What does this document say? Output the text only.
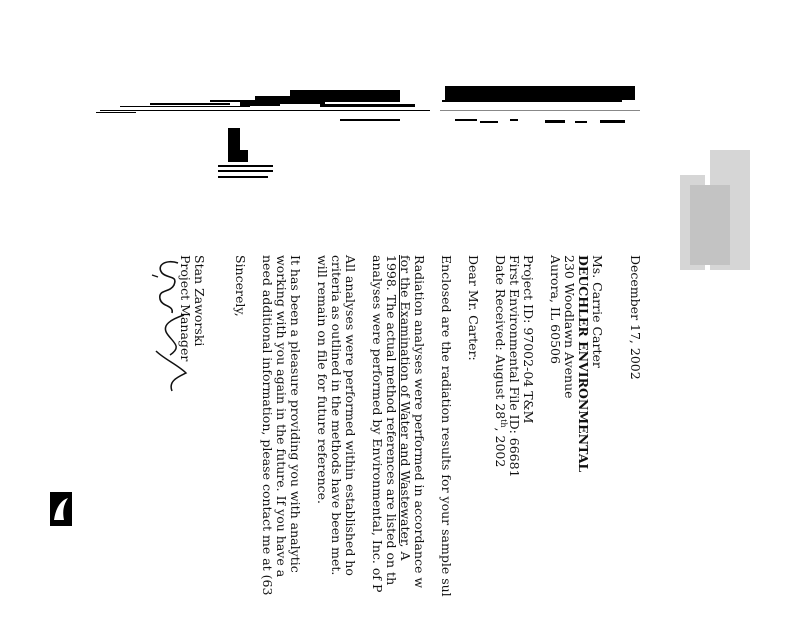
December 17, 2002
Ms. Carrie Carter
DEUCHLER ENVIRONMENTAL
230 Woodlawn Avenue
Aurora, IL 60506
Project ID: 97002-04 T&M
First Environmental File ID: 66681
Date Received: August 28th, 2002
Dear Mr. Carter:
Enclosed are the radiation results for your sample sul
Radiation analyses were performed in accordance w
for the Examination of Water and Wastewater, A
1998. The actual method references are listed on th
analyses were performed by Environmental, Inc. of P
All analyses were performed within established ho
criteria as outlined in the methods have been met.
will remain on file for future reference.
It has been a pleasure providing you with analytic
working with you again in the future. If you have a
need additional information, please contact me at (63
Sincerely,
Stan Zaworski
Project Manager
